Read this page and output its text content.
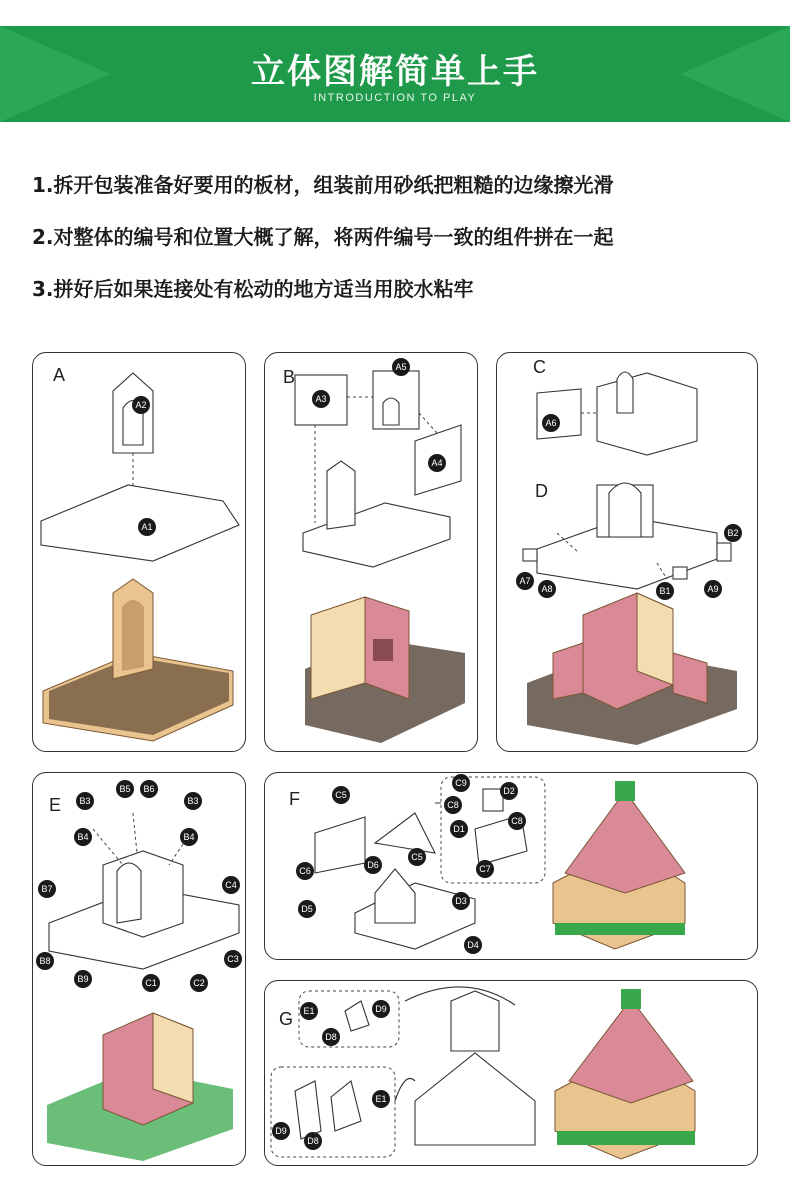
立体图解简单上手
INTRODUCTION TO PLAY
1.拆开包装准备好要用的板材，组装前用砂纸把粗糙的边缘擦光滑
2.对整体的编号和位置大概了解，将两件编号一致的组件拼在一起
3.拼好后如果连接处有松动的地方适当用胶水粘牢
A
A2
A1
B	A5
A3
A4
C
D
A6
B2
A7
A8	B1	A9
E B3
B5 B6
B3
B4	B4
B7	C4
B8	C3
B9	C1	C2
F	C5
C9
C8
D2
D1
C8
C7
D6
C5
C6
D5
D3
D4
G E1	D9
D8
E1
D9
D8
